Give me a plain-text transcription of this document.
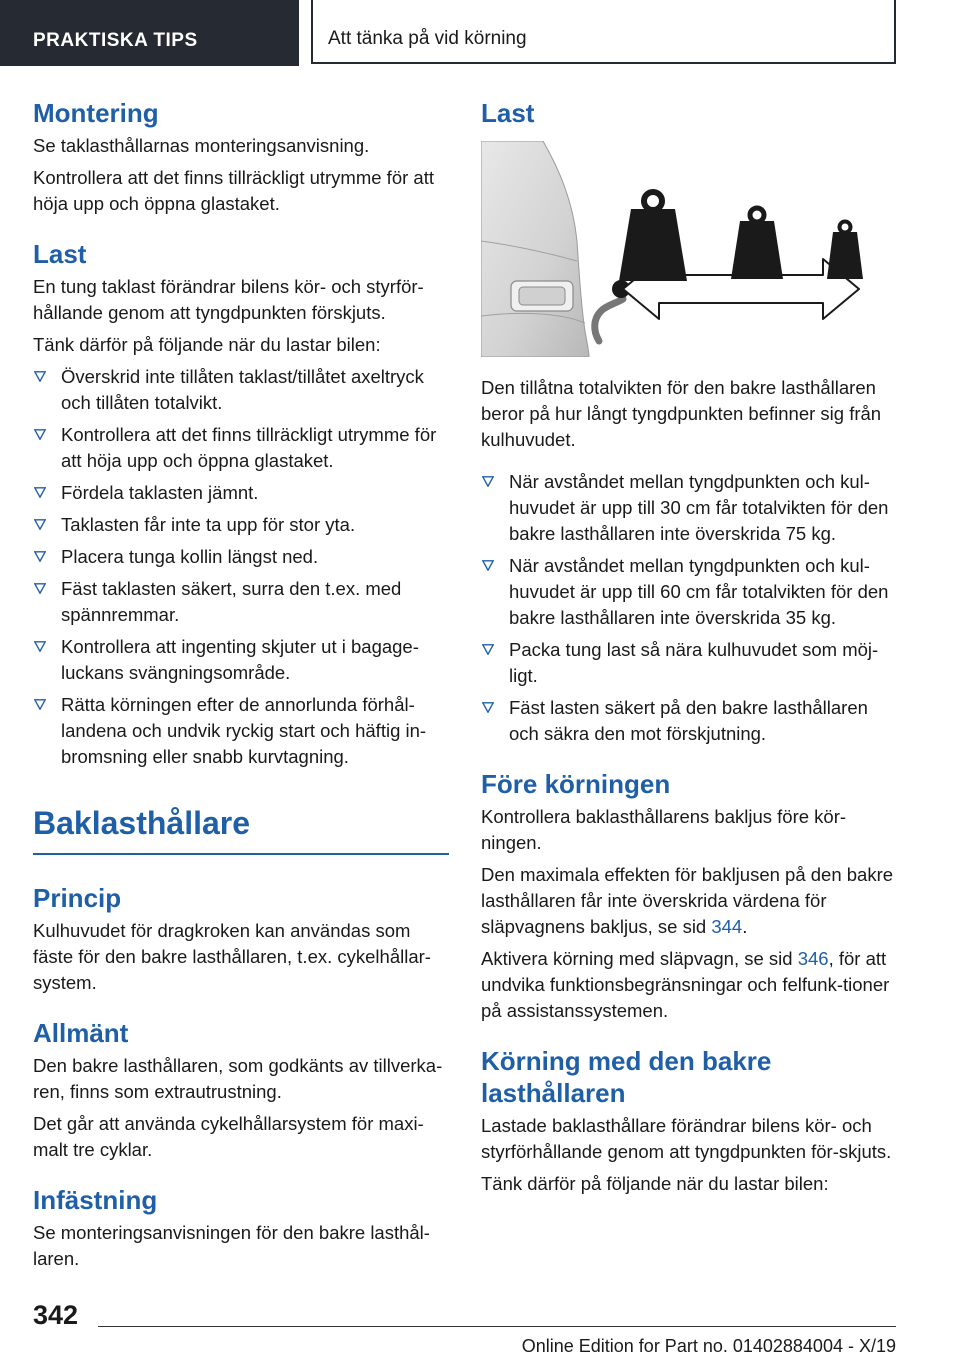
PRAKTISKA TIPS	Att tänka på vid körning
Montering

Se taklasthållarnas monteringsanvisning.

Kontrollera att det finns tillräckligt utrymme för att höja upp och öppna glastaket.

Last

En tung taklast förändrar bilens kör- och styrför-hållande genom att tyngdpunkten förskjuts.

Tänk därför på följande när du lastar bilen:

Överskrid inte tillåten taklast/tillåtet axeltryck och tillåten totalvikt.
Kontrollera att det finns tillräckligt utrymme för att höja upp och öppna glastaket.
Fördela taklasten jämnt.
Taklasten får inte ta upp för stor yta.
Placera tunga kollin längst ned.
Fäst taklasten säkert, surra den t.ex. med spännremmar.
Kontrollera att ingenting skjuter ut i bagage-luckans svängningsområde.
Rätta körningen efter de annorlunda förhål-landena och undvik ryckig start och häftig in-bromsning eller snabb kurvtagning.
Baklasthållare
Princip

Kulhuvudet för dragkroken kan användas som fäste för den bakre lasthållaren, t.ex. cykelhållar-system.

Allmänt

Den bakre lasthållaren, som godkänts av tillverka-ren, finns som extrautrustning.

Det går att använda cykelhållarsystem för maxi-malt tre cyklar.

Infästning

Se monteringsanvisningen för den bakre lasthål-laren.

Last

Den tillåtna totalvikten för den bakre lasthållaren beror på hur långt tyngdpunkten befinner sig från kulhuvudet.

När avståndet mellan tyngdpunkten och kul-huvudet är upp till 30 cm får totalvikten för den bakre lasthållaren inte överskrida 75 kg.
När avståndet mellan tyngdpunkten och kul-huvudet är upp till 60 cm får totalvikten för den bakre lasthållaren inte överskrida 35 kg.
Packa tung last så nära kulhuvudet som möj-ligt.
Fäst lasten säkert på den bakre lasthållaren och säkra den mot förskjutning.
Före körningen

Kontrollera baklasthållarens bakljus före kör-ningen.

Den maximala effekten för bakljusen på den bakre lasthållaren får inte överskrida värdena för släpvagnens bakljus, se sid 344.

Aktivera körning med släpvagn, se sid 346, för att undvika funktionsbegränsningar och felfunk-tioner på assistanssystemen.

Körning med den bakre lasthållaren

Lastade baklasthållare förändrar bilens kör- och styrförhållande genom att tyngdpunkten för-skjuts.

Tänk därför på följande när du lastar bilen:

342
Online Edition for Part no. 01402884004 - X/19
